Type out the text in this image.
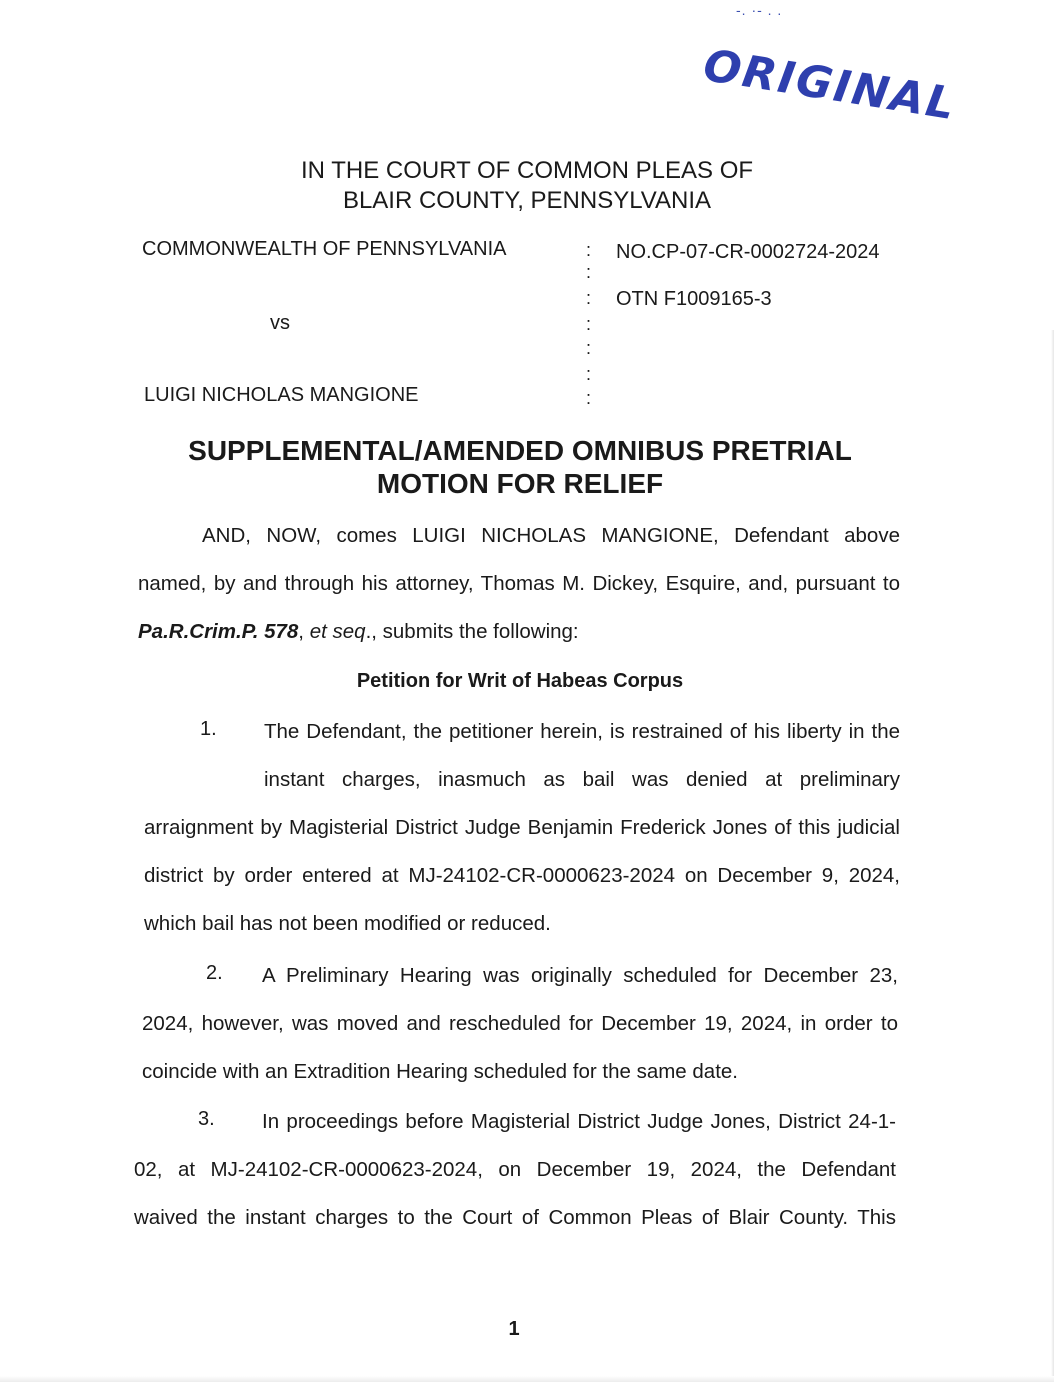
-. ·- . .
ORIGINAL
IN THE COURT OF COMMON PLEAS OF
BLAIR COUNTY, PENNSYLVANIA
COMMONWEALTH OF PENNSYLVANIA
vs
LUIGI NICHOLAS MANGIONE
NO.CP-07-CR-0002724-2024
OTN F1009165-3
:
:
:
:
:
:
:
SUPPLEMENTAL/AMENDED OMNIBUS PRETRIAL
MOTION FOR RELIEF
AND, NOW, comes LUIGI NICHOLAS MANGIONE, Defendant above
named, by and through his attorney, Thomas M. Dickey, Esquire, and, pursuant to
Pa.R.Crim.P. 578, et seq., submits the following:
Petition for Writ of Habeas Corpus
1. The Defendant, the petitioner herein, is restrained of his liberty in the
instant charges, inasmuch as bail was denied at preliminary
arraignment by Magisterial District Judge Benjamin Frederick Jones of this judicial
district by order entered at MJ-24102-CR-0000623-2024 on December 9, 2024,
which bail has not been modified or reduced.
2. A Preliminary Hearing was originally scheduled for December 23,
2024, however, was moved and rescheduled for December 19, 2024, in order to
coincide with an Extradition Hearing scheduled for the same date.
3. In proceedings before Magisterial District Judge Jones, District 24-1-
02, at MJ-24102-CR-0000623-2024, on December 19, 2024, the Defendant
waived the instant charges to the Court of Common Pleas of Blair County. This
1
